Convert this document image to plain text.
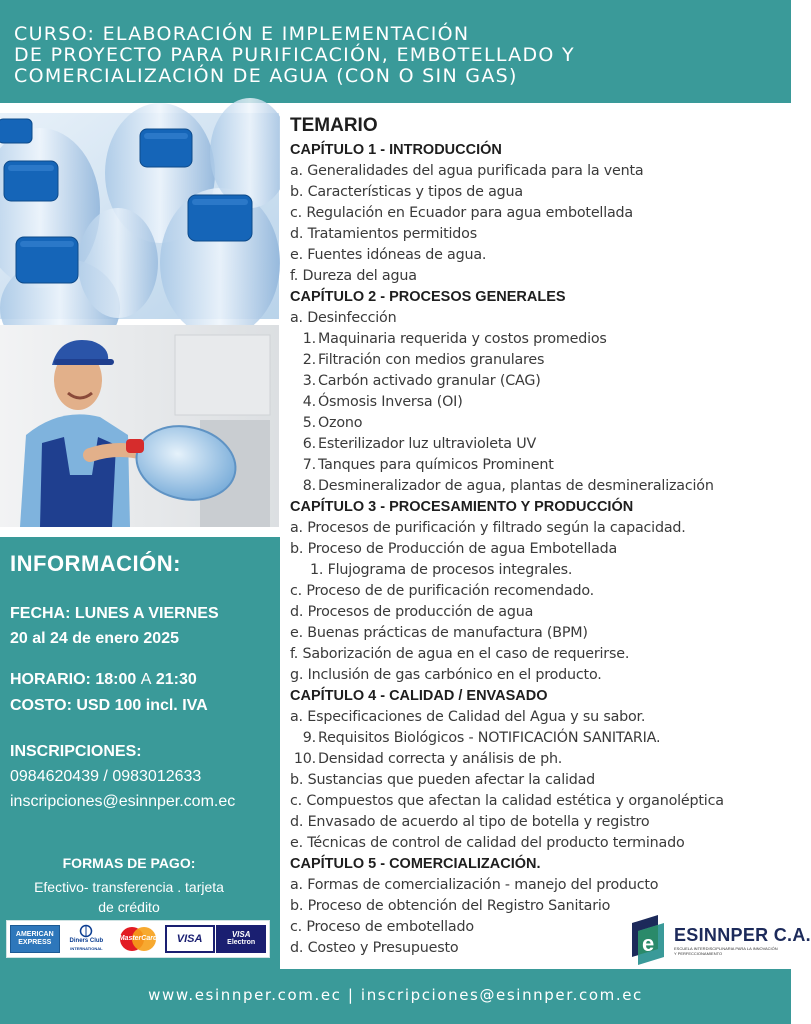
CURSO: ELABORACIÓN E IMPLEMENTACIÓN
DE PROYECTO PARA PURIFICACIÓN, EMBOTELLADO Y
COMERCIALIZACIÓN DE AGUA (CON O SIN GAS)
INFORMACIÓN:
FECHA: LUNES A VIERNES
20 al 24 de enero 2025
HORARIO: 18:00 A 21:30
COSTO: USD 100 incl. IVA
INSCRIPCIONES:
0984620439 / 0983012633
inscripciones@esinnper.com.ec
FORMAS DE PAGO:
Efectivo- transferencia . tarjeta
de crédito
AMERICAN
EXPRESS	Diners Club
INTERNATIONAL
MasterCard	VISA	VISA
Electron
TEMARIO
CAPÍTULO 1 - INTRODUCCIÓN
a. Generalidades del agua purificada para la venta
b. Características y tipos de agua
c. Regulación en Ecuador para agua embotellada
d. Tratamientos permitidos
e. Fuentes idóneas de agua.
f. Dureza del agua
CAPÍTULO 2 - PROCESOS GENERALES
a. Desinfección
1. Maquinaria requerida y costos promedios
2. Filtración con medios granulares
3. Carbón activado granular (CAG)
4. Ósmosis Inversa (OI)
5. Ozono
6. Esterilizador luz ultravioleta UV
7. Tanques para químicos Prominent
8. Desmineralizador de agua, plantas de desmineralización
CAPÍTULO 3 - PROCESAMIENTO Y PRODUCCIÓN
a. Procesos de purificación y filtrado según la capacidad.
b. Proceso de Producción de agua Embotellada
1. Flujograma de procesos integrales.
c. Proceso de de purificación recomendado.
d. Procesos de producción de agua
e. Buenas prácticas de manufactura (BPM)
f. Saborización de agua en el caso de requerirse.
g. Inclusión de gas carbónico en el producto.
CAPÍTULO 4 - CALIDAD / ENVASADO
a. Especificaciones de Calidad del Agua y su sabor.
9. Requisitos Biológicos - NOTIFICACIÓN SANITARIA.
10. Densidad correcta y análisis de ph.
b. Sustancias que pueden afectar la calidad
c. Compuestos que afectan la calidad estética y organoléptica
d. Envasado de acuerdo al tipo de botella y registro
e. Técnicas de control de calidad del producto terminado
CAPÍTULO 5 - COMERCIALIZACIÓN.
a. Formas de comercialización - manejo del producto
b. Proceso de obtención del Registro Sanitario
c. Proceso de embotellado
d. Costeo y Presupuesto	e ESINNPER C.A.
ESCUELA INTERDISCIPLINARIA PARA LA INNOVACIÓN Y PERFECCIONAMIENTO
www.esinnper.com.ec | inscripciones@esinnper.com.ec
